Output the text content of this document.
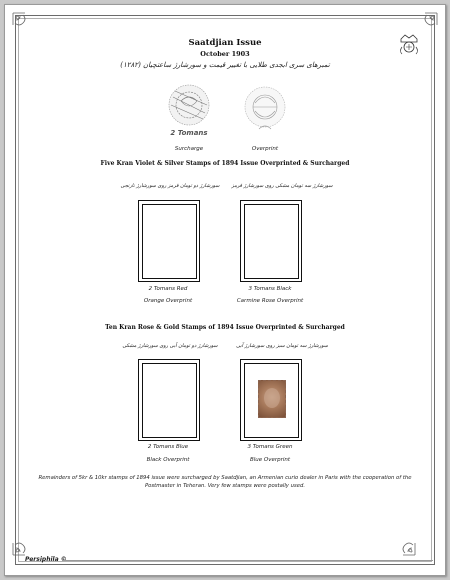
Saatdjian Issue
October 1903
تمبرهای سری ابجدی طلایی با تغییر قیمت و سورشارژ ساعتچیان (۱۲۸۲)
2 Tomans
Surcharge	Overprint
Five Kran Violet & Silver Stamps of 1894 Issue Overprinted & Surcharged
سورشارژ دو تومان قرمز روی سورشارژ نارنجی
2 Tomans Red
Orange Overprint
سورشارژ سه تومان مشکی روی سورشارژ قرمز
3 Tomans Black
Carmine Rose Overprint
Ten Kran Rose & Gold Stamps of 1894 Issue Overprinted & Surcharged
سورشارژ دو تومان آبی روی سورشارژ مشکی
2 Tomans Blue
Black Overprint
سورشارژ سه تومان سبز روی سورشارژ آبی
3 Tomans Green
Blue Overprint
Remainders of 5kr & 10kr stamps of 1894 issue were surcharged by Saatdjian, an Armenian curio dealer in Paris with the cooperation of the Postmaster in Teheran. Very few stamps were postally used.
Persiphila ©
